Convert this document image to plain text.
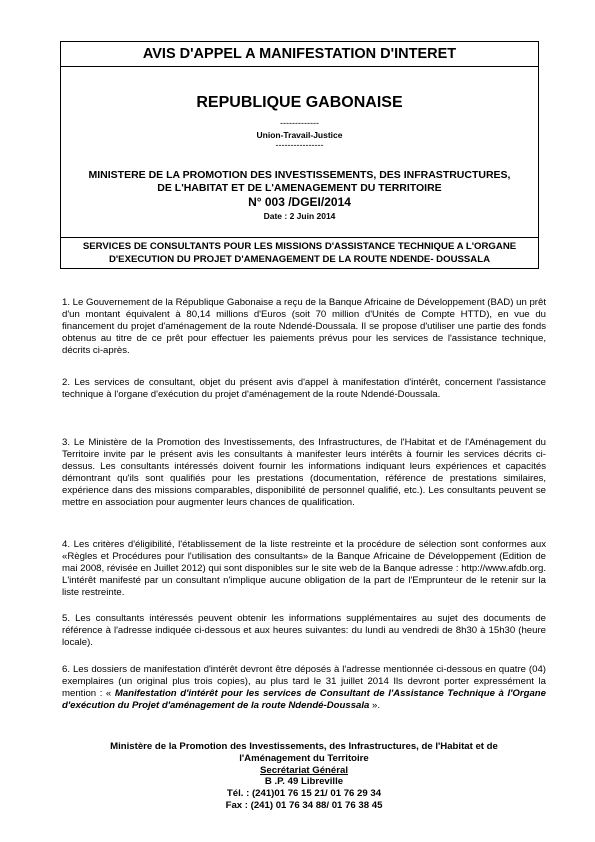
AVIS D'APPEL A MANIFESTATION D'INTERET
REPUBLIQUE GABONAISE
-------------
Union-Travail-Justice
----------------
MINISTERE DE LA PROMOTION DES INVESTISSEMENTS, DES INFRASTRUCTURES,
DE L'HABITAT ET DE L'AMENAGEMENT DU TERRITOIRE
N° 003 /DGEI/2014
Date : 2 Juin 2014
SERVICES DE CONSULTANTS POUR LES MISSIONS D'ASSISTANCE TECHNIQUE A L'ORGANE
D'EXECUTION DU PROJET D'AMENAGEMENT DE LA ROUTE NDENDE- DOUSSALA
1. Le Gouvernement de la République Gabonaise a reçu de la Banque Africaine de Développement (BAD) un prêt d'un montant équivalent à 80,14 millions d'Euros (soit 70 million d'Unités de Compte HTTD), en vue du financement du projet d'aménagement de la route Ndendé-Doussala. Il se propose d'utiliser une partie des fonds obtenus au titre de ce prêt pour effectuer les paiements prévus pour les services de l'assistance technique, décrits ci-après.
2. Les services de consultant, objet du présent avis d'appel à manifestation d'intérêt, concernent l'assistance technique à l'organe d'exécution du projet d'aménagement de la route Ndendé-Doussala.
3. Le Ministère de la Promotion des Investissements, des Infrastructures, de l'Habitat et de l'Aménagement du Territoire invite par le présent avis les consultants à manifester leurs intérêts à fournir les services décrits ci-dessus. Les consultants intéressés doivent fournir les informations indiquant leurs expériences et capacités démontrant qu'ils sont qualifiés pour les prestations (documentation, référence de prestations similaires, expérience dans des missions comparables, disponibilité de personnel qualifié, etc.). Les consultants peuvent se mettre en association pour augmenter leurs chances de qualification.
4. Les critères d'éligibilité, l'établissement de la liste restreinte et la procédure de sélection sont conformes aux «Règles et Procédures pour l'utilisation des consultants» de la Banque Africaine de Développement (Edition de mai 2008, révisée en Juillet 2012) qui sont disponibles sur le site web de la Banque adresse : http://www.afdb.org. L'intérêt manifesté par un consultant n'implique aucune obligation de la part de l'Emprunteur de le retenir sur la liste restreinte.
5. Les consultants intéressés peuvent obtenir les informations supplémentaires au sujet des documents de référence à l'adresse indiquée ci-dessous et aux heures suivantes: du lundi au vendredi de 8h30 à 15h30 (heure locale).
6. Les dossiers de manifestation d'intérêt devront être déposés à l'adresse mentionnée ci-dessous en quatre (04) exemplaires (un original plus trois copies), au plus tard le 31 juillet 2014 Ils devront porter expressément la mention : « Manifestation d'intérêt pour les services de Consultant de l'Assistance Technique à l'Organe d'exécution du Projet d'aménagement de la route Ndendé-Doussala ».
Ministère de la Promotion des Investissements, des Infrastructures, de l'Habitat et de
l'Aménagement du Territoire
Secrétariat Général
B .P. 49 Libreville
Tél. : (241)01 76 15 21/ 01 76 29 34
Fax : (241) 01 76 34 88/ 01 76 38 45
